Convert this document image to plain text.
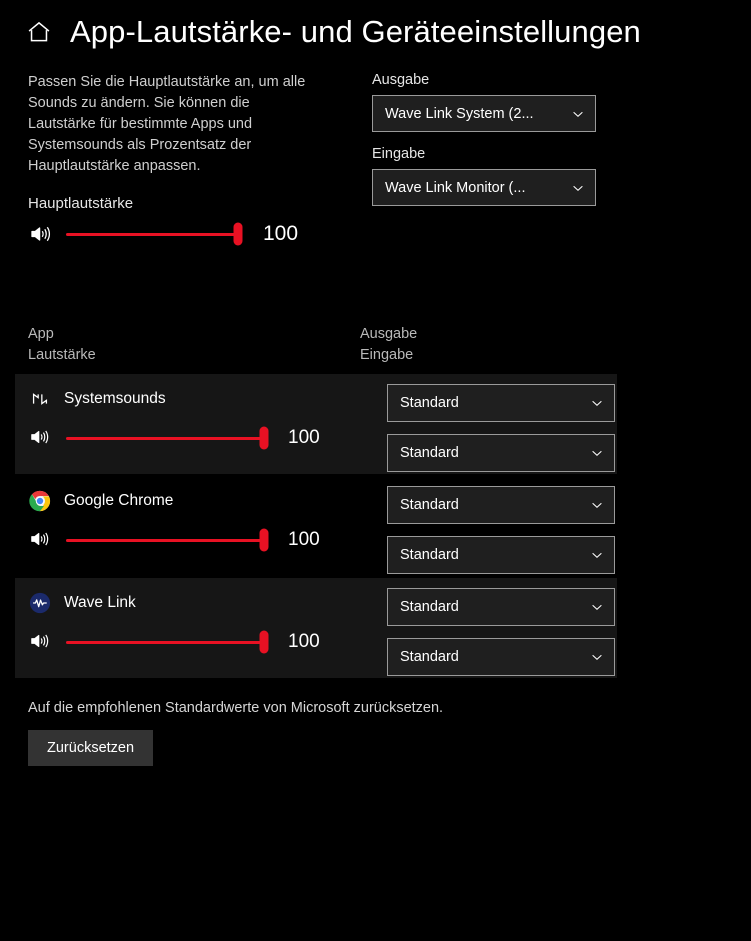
App-Lautstärke- und Geräteeinstellungen
Passen Sie die Hauptlautstärke an, um alle Sounds zu ändern. Sie können die Lautstärke für bestimmte Apps und Systemsounds als Prozentsatz der Hauptlautstärke anpassen.
Hauptlautstärke
100
Ausgabe
Wave Link System (2...
Eingabe
Wave Link Monitor (...
App
Lautstärke
Ausgabe
Eingabe
Systemsounds
100
Standard
Standard
Google Chrome
100
Standard
Standard
Wave Link
100
Standard
Standard
Auf die empfohlenen Standardwerte von Microsoft zurücksetzen.
Zurücksetzen
